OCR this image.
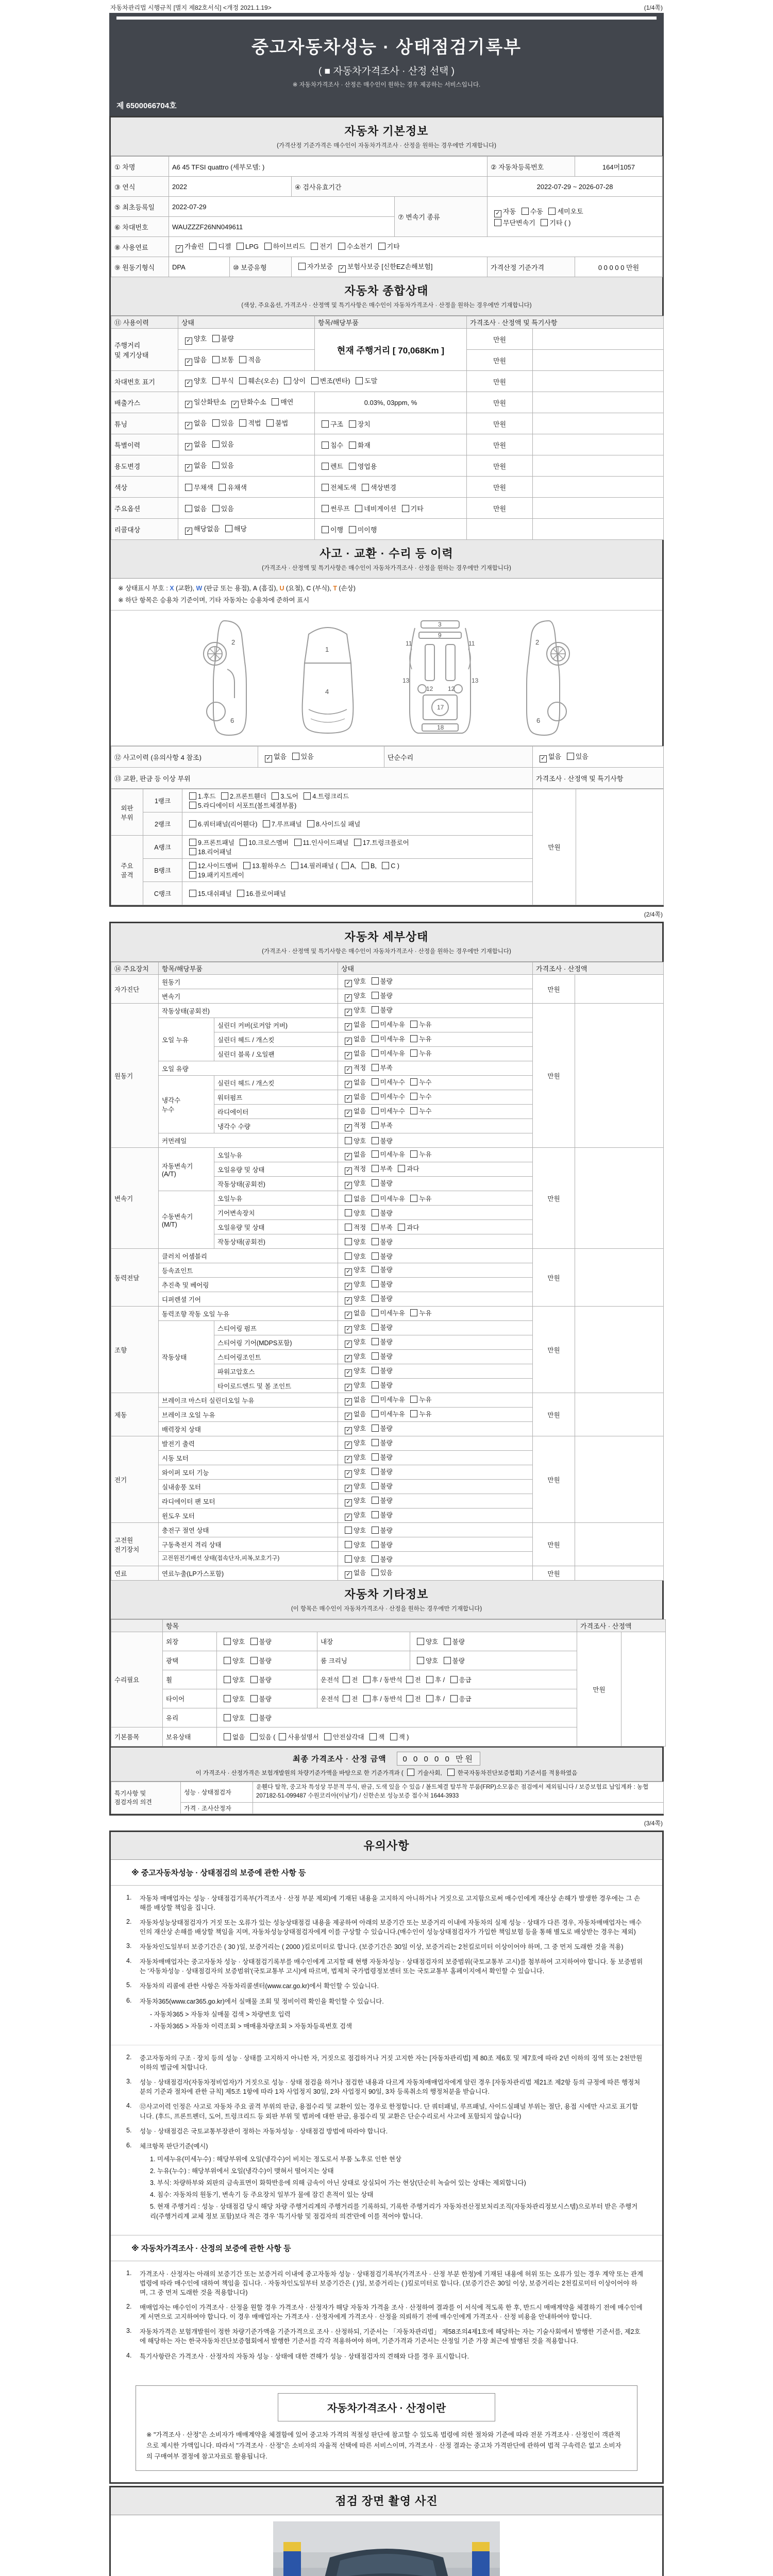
자동차관리법 시행규칙 [별지 제82호서식] <개정 2021.1.19>	(1/4쪽)
중고자동차성능 · 상태점검기록부
( ■ 자동차가격조사 · 산정 선택 )
※ 자동차가격조사 · 산정은 매수인이 원하는 경우 제공하는 서비스입니다.
제 6500066704호
자동차 기본정보
(가격산정 기준가격은 매수인이 자동차가격조사 · 산정을 원하는 경우에만 기재합니다)
① 차명	A6 45 TFSI quattro (세부모델: )				② 자동차등록번호	164머1057
③ 연식	2022		④ 검사유효기간		2022-07-29 ~ 2026-07-28	
⑤ 최초등록일	2022-07-29			⑦ 변속기 종류	✓ 자동 수동 세미오토
무단변속기 기타 ( )	
⑥ 차대번호	WAUZZZF26NN049611					
⑧ 사용연료	✓ 가솔린 디젤 LPG 하이브리드 전기 수소전기 기타					
⑨ 원동기형식	DPA	⑩ 보증유형	자가보증 ✓ 보험사보증 [신한EZ손해보험]		가격산정 기준가격	0 0 0 0 0 만원
자동차 종합상태
(색상, 주요옵션, 가격조사 · 산정액 및 특기사항은 매수인이 자동차가격조사 · 산정을 원하는 경우에만 기재합니다)
⑪ 사용이력	상태	항목/해당부품	가격조사 · 산정액 및 특기사항	
주행거리
및 계기상태	✓ 양호 불량	현재 주행거리 [ 70,068Km ]	만원	
	✓ 많음 보통 적음		만원	
차대번호 표기	✓ 양호 부식 훼손(오손) 상이 변조(변타) 도말		만원	
배출가스	✓ 일산화탄소 ✓ 탄화수소 매연	0.03%, 03ppm, %	만원	
튜닝	✓ 없음 있음 적법 불법	구조 장치	만원	
특별이력	✓ 없음 있음	침수 화재	만원	
용도변경	✓ 없음 있음	렌트 영업용	만원	
색상	무채색 유채색	전체도색 색상변경	만원	
주요옵션	없음 있음	썬루프 네비게이션 기타	만원	
리콜대상	✓ 해당없음 해당	이행 미이행		
사고 · 교환 · 수리 등 이력
(가격조사 · 산정액 및 특기사항은 매수인이 자동차가격조사 · 산정을 원하는 경우에만 기재합니다)
※ 상태표시 부호 : X (교환), W (판금 또는 용접), A (흠집), U (요철), C (부식), T (손상)
※ 하단 항목은 승용차 기준이며, 기타 자동차는 승용차에 준하여 표시
2
6
1
4
3
9
11	11
13	13
12 12
17
18
2
6
⑫ 사고이력 (유의사항 4 참조)	✓ 없음 있음	단순수리	✓ 없음 있음
⑬ 교환, 판금 등 이상 부위			가격조사 · 산정액 및 특기사항
외판
부위	1랭크	1.후드 2.프론트휀더 3.도어 4.트렁크리드
5.라디에이터 서포트(볼트체결부품)	만원	
	2랭크	6.쿼터패널(리어휀다) 7.루프패널 8.사이드실 패널		
주요
골격	A랭크	9.프론트패널 10.크로스멤버 11.인사이드패널 17.트렁크플로어
18.리어패널		
	B랭크	12.사이드멤버 13.휠하우스 14.필러패널 ( A, B, C )
19.패키지트레이		
	C랭크	15.대쉬패널 16.플로어패널		
(2/4쪽)
자동차 세부상태
(가격조사 · 산정액 및 특기사항은 매수인이 자동차가격조사 · 산정을 원하는 경우에만 기재합니다)
⑭ 주요장치	항목/해당부품		상태	가격조사 · 산정액	
자가진단	원동기		✓ 양호 불량	만원	
	변속기		✓ 양호 불량		
원동기	작동상태(공회전)		✓ 양호 불량	만원	
	오일 누유	실린더 커버(로커암 커버)	✓ 없음 미세누유 누유		
		실린더 헤드 / 개스킷	✓ 없음 미세누유 누유		
		실린더 블록 / 오일팬	✓ 없음 미세누유 누유		
	오일 유량		✓ 적정 부족		
	냉각수
누수	실린더 헤드 / 개스킷	✓ 없음 미세누수 누수		
		워터펌프	✓ 없음 미세누수 누수		
		라디에이터	✓ 없음 미세누수 누수		
		냉각수 수량	✓ 적정 부족		
	커먼레일		양호 불량		
변속기	자동변속기
(A/T)	오일누유	✓ 없음 미세누유 누유	만원	
		오일유량 및 상태	✓ 적정 부족 과다		
		작동상태(공회전)	✓ 양호 불량		
	수동변속기
(M/T)	오일누유	없음 미세누유 누유		
		기어변속장치	양호 불량		
		오일유량 및 상태	적정 부족 과다		
		작동상태(공회전)	양호 불량		
동력전달	클러치 어셈블리		양호 불량	만원	
	등속죠인트		✓ 양호 불량		
	추진축 및 베어링		✓ 양호 불량		
	디퍼렌셜 기어		✓ 양호 불량		
조향	동력조향 작동 오일 누유		✓ 없음 미세누유 누유	만원	
	작동상태	스티어링 펌프	✓ 양호 불량		
		스티어링 기어(MDPS포함)	✓ 양호 불량		
		스티어링조인트	✓ 양호 불량		
		파워고압호스	✓ 양호 불량		
		타이로드엔드 및 볼 조인트	✓ 양호 불량		
제동	브레이크 마스터 실린더오일 누유		✓ 없음 미세누유 누유	만원	
	브레이크 오일 누유		✓ 없음 미세누유 누유		
	배력장치 상태		✓ 양호 불량		
전기	발전기 출력		✓ 양호 불량	만원	
	시동 모터		✓ 양호 불량		
	와이퍼 모터 기능		✓ 양호 불량		
	실내송풍 모터		✓ 양호 불량		
	라디에이터 팬 모터		✓ 양호 불량		
	윈도우 모터		✓ 양호 불량		
고전원
전기장치	충전구 절연 상태		양호 불량	만원	
	구동축전지 격리 상태		양호 불량		
	고전원전기배선 상태(접속단자,피복,보호기구)		양호 불량		
연료	연료누출(LP가스포함)		✓ 없음 있음	만원	
자동차 기타정보
(이 항목은 매수인이 자동차가격조사 · 산정을 원하는 경우에만 기재합니다)
	항목				가격조사 · 산정액	
수리필요	외장	양호 불량	내장	양호 불량	만원	
	광택	양호 불량	룸 크리닝	양호 불량		
	휠	양호 불량	운전석 전 후 / 동반석 전 후 / 응급			
	타이어	양호 불량	운전석 전 후 / 동반석 전 후 / 응급			
	유리	양호 불량				
기본품목	보유상태	없음 있음 ( 사용설명서 안전삼각대 잭 잭 )				
최종 가격조사 · 산정 금액 0 0 0 0 0 만원
이 가격조사 · 산정가격은 보험개발원의 차량기준가액을 바탕으로 한 기준가격과 ( 기술사회,  한국자동차진단보증협회) 기준서를 적용하였음
특기사항 및
점검자의 의견	성능 · 상태점검자	운휀다 탈착, 중고차 특성상 부분적 부식, 판금, 도색 있을 수 있음 / 볼트체결 탈부착 부품(FRP)소모품은 점검에서 제외됩니다 / 보증보험료 납입계좌 : 농협 207182-51-099487 수원코리아(이남기) / 신한손보 성능보증 접수처 1644-3933
	가격 · 조사산정자	
(3/4쪽)
유의사항
※ 중고자동차성능 · 상태점검의 보증에 관한 사항 등
1.	자동차 매매업자는 성능 · 상태점검기록부(가격조사 · 산정 부분 제외)에 기재된 내용을 고지하지 아니하거나 거짓으로 고지함으로써 매수인에게 재산상 손해가 발생한 경우에는 그 손해를 배상할 책임을 집니다.
2.	자동차성능상태점검자가 거짓 또는 오류가 있는 성능상태점검 내용을 제공하여 아래의 보증기간 또는 보증거리 이내에 자동차의 실제 성능 · 상태가 다른 경우, 자동차매매업자는 매수인의 재산상 손해를 배상할 책임을 지며, 자동차성능상태점검자에게 이를 구상할 수 있습니다.(매수인이 성능상태점검자가 가입한 책임보험 등을 통해 별도로 배상받는 경우는 제외)
3.	자동차인도일부터 보증기간은 ( 30 )일, 보증거리는 ( 2000 )킬로미터로 합니다. (보증기간은 30일 이상, 보증거리는 2천킬로미터 이상이어야 하며, 그 중 먼저 도래한 것을 적용)
4.	자동차매매업자는 중고자동차 성능 · 상태점검기록부를 매수인에게 고지할 때 현행 자동차성능 · 상태점검자의 보증범위(국토교통부 고시)를 첨부하여 고지하여야 합니다. 동 보증범위는 '자동차성능 · 상태점검자의 보증범위'(국토교통부 고시)에 따르며, 법제처 국가법령정보센터 또는 국토교통부 홈페이지에서 확인할 수 있습니다.
5.	자동차의 리콜에 관한 사항은 자동차리콜센터(www.car.go.kr)에서 확인할 수 있습니다.
6.	자동차365(www.car365.go.kr)에서 실매물 조회 및 정비이력 확인을 확인할 수 있습니다.
- 자동차365 > 자동차 실매물 검색 > 차량번호 입력
- 자동차365 > 자동차 이력조회 > 매매용차량조회 > 자동차등록번호 검색
2.	중고자동차의 구조 · 장치 등의 성능 · 상태를 고지하지 아니한 자, 거짓으로 점검하거나 거짓 고지한 자는 [자동차관리법] 제 80조 제6호 및 제7호에 따라 2년 이하의 징역 또는 2천만원 이하의 벌금에 처합니다.
3.	성능 · 상태점검자(자동차정비업자)가 거짓으로 성능 · 상태 점검을 하거나 점검한 내용과 다르게 자동차매매업자에게 알린 경우 [자동차관리법 제21조 제2항 등의 규정에 따른 행정처분의 기준과 절차에 관한 규칙] 제5조 1항에 따라 1차 사업정지 30일, 2차 사업정지 90일, 3차 등록취소의 행정처분을 받습니다.
4.	⑫사고이력 인정은 사고로 자동차 주요 골격 부위의 판금, 용접수리 및 교환이 있는 경우로 한정합니다. 단 쿼터패널, 루프패널, 사이드실패널 부위는 절단, 용접 시에만 사고로 표기합니다. (후드, 프론트펜더, 도어, 트렁크리드 등 외판 부위 및 범퍼에 대한 판금, 용접수리 및 교환은 단순수리로서 사고에 포함되지 않습니다)
5.	성능 · 상태점검은 국토교통부장관이 정하는 자동차성능 · 상태점검 방법에 따라야 합니다.
6.	체크항목 판단기준(예시)
1. 미세누유(미세누수) : 해당부위에 오일(냉각수)이 비치는 정도로서 부품 노후로 인한 현상
2. 누유(누수) : 해당부위에서 오일(냉각수)이 맺혀서 떨어지는 상태
3. 부식: 차량하부와 외판의 금속표면이 화학반응에 의해 금속이 아닌 상태로 상실되어 가는 현상(단순히 녹슬어 있는 상태는 제외합니다)
4. 침수: 자동차의 원동기, 변속기 등 주요장치 일부가 물에 잠긴 흔적이 있는 상태
5. 현재 주행거리 : 성능 · 상태점검 당시 해당 차량 주행거리계의 주행거리를 기록하되, 기록한 주행거리가 자동차전산정보처리조직(자동차관리정보시스템)으로부터 받은 주행거리(주행거리계 교체 정보 포함)보다 적은 경우 '특기사항 및 점검자의 의견'란에 이를 적어야 합니다.
※ 자동차가격조사 · 산정의 보증에 관한 사항 등
1.	가격조사 · 산정자는 아래의 보증기간 또는 보증거리 이내에 중고자동차 성능 · 상태점검기록부(가격조사 · 산정 부분 한정)에 기재된 내용에 허위 또는 오류가 있는 경우 계약 또는 관계법령에 따라 매수인에 대하여 책임을 집니다. · 자동차인도일부터 보증기간은 ( )일, 보증거리는 ( )킬로미터로 합니다. (보증기간은 30일 이상, 보증거리는 2천킬로미터 이상이어야 하며, 그 중 먼저 도래한 것을 적용합니다)
2.	매매업자는 매수인이 가격조사 · 산정을 원할 경우 가격조사 · 산정자가 해당 자동차 가격을 조사 · 산정하여 결과를 이 서식에 적도록 한 후, 반드시 매매계약을 체결하기 전에 매수인에게 서면으로 고지하여야 합니다. 이 경우 매매업자는 가격조사 · 산정자에게 가격조사 · 산정을 의뢰하기 전에 매수인에게 가격조사 · 산정 비용을 안내하여야 합니다.
3.	자동차가격은 보험개발원이 정한 차량기준가액을 기준가격으로 조사 · 산정하되, 기준서는 「자동차관리법」 제58조의4제1호에 해당하는 자는 기술사회에서 발행한 기준서를, 제2호에 해당하는 자는 한국자동차진단보증협회에서 발행한 기준서를 각각 적용하여야 하며, 기준가격과 기준서는 산정일 기준 가장 최근에 발행된 것을 적용합니다.
4.	특기사항란은 가격조사 · 산정자의 자동차 성능 · 상태에 대한 견해가 성능 · 상태점검자의 견해와 다를 경우 표시합니다.
자동차가격조사 · 산정이란
※ "가격조사 · 산정"은 소비자가 매매계약을 체결함에 있어 중고차 가격의 적절성 판단에 참고할 수 있도록 법령에 의한 절차와 기준에 따라 전문 가격조사 · 산정인이 객관적으로 제시한 가액입니다. 따라서 "가격조사 · 산정"은 소비자의 자율적 선택에 따른 서비스이며, 가격조사 · 산정 결과는 중고차 가격판단에 관하여 법적 구속력은 없고 소비자의 구매여부 결정에 참고자료로 활용됩니다.
점검 장면 촬영 사진
